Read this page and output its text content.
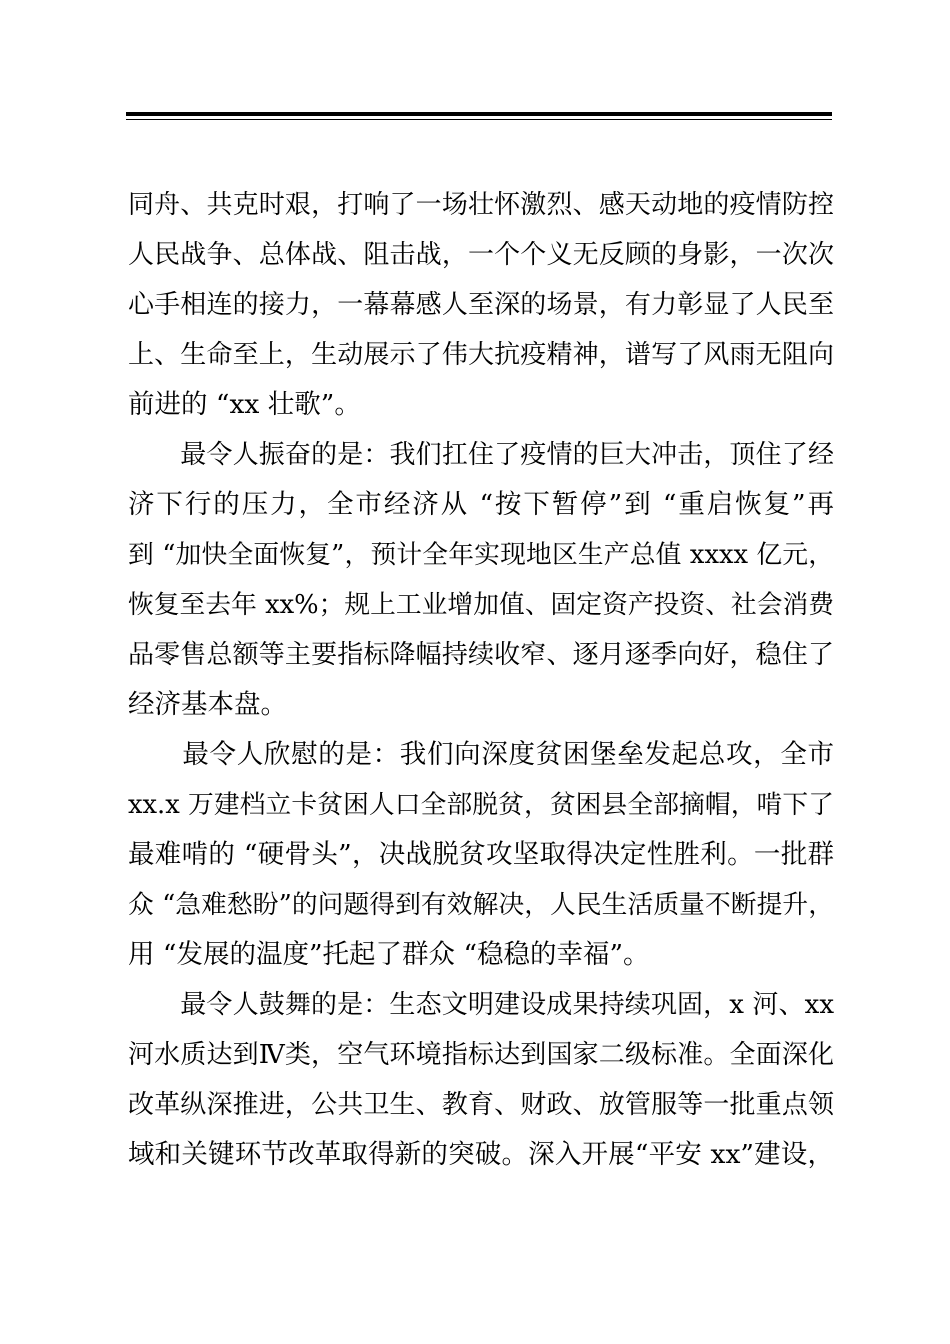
同舟、共克时艰，打响了一场壮怀激烈、感天动地的疫情防控
人民战争、总体战、阻击战，一个个义无反顾的身影，一次次
心手相连的接力，一幕幕感人至深的场景，有力彰显了人民至
上、生命至上，生动展示了伟大抗疫精神，谱写了风雨无阻向
前进的 “xx 壮歌”。
　　最令人振奋的是：我们扛住了疫情的巨大冲击，顶住了经
济下行的压力，全市经济从 “按下暂停”到 “重启恢复”再
到 “加快全面恢复”，预计全年实现地区生产总值 xxxx 亿元，
恢复至去年 xx%；规上工业增加值、固定资产投资、社会消费
品零售总额等主要指标降幅持续收窄、逐月逐季向好，稳住了
经济基本盘。
　　最令人欣慰的是：我们向深度贫困堡垒发起总攻，全市
xx.x 万建档立卡贫困人口全部脱贫，贫困县全部摘帽，啃下了
最难啃的 “硬骨头”，决战脱贫攻坚取得决定性胜利。一批群
众 “急难愁盼”的问题得到有效解决，人民生活质量不断提升，
用 “发展的温度”托起了群众 “稳稳的幸福”。
　　最令人鼓舞的是：生态文明建设成果持续巩固，x 河、xx
河水质达到Ⅳ类，空气环境指标达到国家二级标准。全面深化
改革纵深推进，公共卫生、教育、财政、放管服等一批重点领
域和关键环节改革取得新的突破。深入开展“平安 xx”建设，
